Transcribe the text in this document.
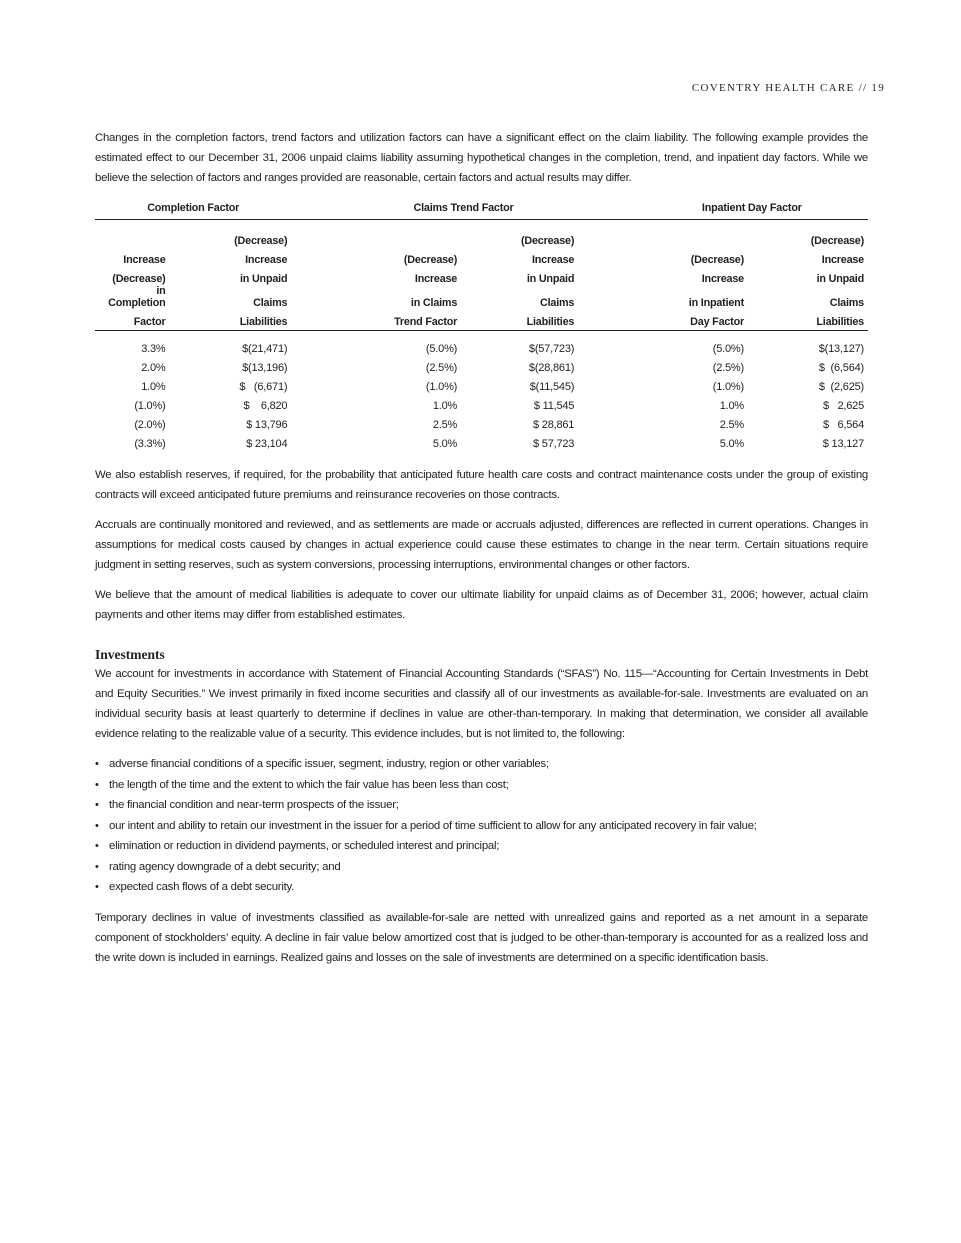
COVENTRY HEALTH CARE // 19

Changes in the completion factors, trend factors and utilization factors can have a significant effect on the claim liability. The following example provides the estimated effect to our December 31, 2006 unpaid claims liability assuming hypothetical changes in the completion, trend, and inpatient day factors. While we believe the selection of factors and ranges provided are reasonable, certain factors and actual results may differ.

Completion Factor			Claims Trend Factor			Inpatient Day Factor	

	(Decrease)			(Decrease)			(Decrease)
Increase	Increase		(Decrease)	Increase		(Decrease)	Increase
(Decrease)	in Unpaid		Increase	in Unpaid		Increase	in Unpaid
in Completion	Claims		in Claims	Claims		in Inpatient	Claims
Factor	Liabilities		Trend Factor	Liabilities		Day Factor	Liabilities

3.3%	$(21,471)		(5.0%)	$(57,723)		(5.0%)	$(13,127)
2.0%	$(13,196)		(2.5%)	$(28,861)		(2.5%)	$  (6,564)
1.0%	$   (6,671)		(1.0%)	$(11,545)		(1.0%)	$  (2,625)
(1.0%)	$    6,820		1.0%	$ 11,545		1.0%	$   2,625
(2.0%)	$ 13,796		2.5%	$ 28,861		2.5%	$   6,564
(3.3%)	$ 23,104		5.0%	$ 57,723		5.0%	$ 13,127

We also establish reserves, if required, for the probability that anticipated future health care costs and contract maintenance costs under the group of existing contracts will exceed anticipated future premiums and reinsurance recoveries on those contracts.

Accruals are continually monitored and reviewed, and as settlements are made or accruals adjusted, differences are reflected in current operations. Changes in assumptions for medical costs caused by changes in actual experience could cause these estimates to change in the near term. Certain situations require judgment in setting reserves, such as system conversions, processing interruptions, environmental changes or other factors.

We believe that the amount of medical liabilities is adequate to cover our ultimate liability for unpaid claims as of December 31, 2006; however, actual claim payments and other items may differ from established estimates.

Investments

We account for investments in accordance with Statement of Financial Accounting Standards (“SFAS”) No. 115—“Accounting for Certain Investments in Debt and Equity Securities.” We invest primarily in fixed income securities and classify all of our investments as available-for-sale. Investments are evaluated on an individual security basis at least quarterly to determine if declines in value are other-than-temporary. In making that determination, we consider all available evidence relating to the realizable value of a security. This evidence includes, but is not limited to, the following:

• adverse financial conditions of a specific issuer, segment, industry, region or other variables;
• the length of the time and the extent to which the fair value has been less than cost;
• the financial condition and near-term prospects of the issuer;
• our intent and ability to retain our investment in the issuer for a period of time sufficient to allow for any anticipated recovery in fair value;
• elimination or reduction in dividend payments, or scheduled interest and principal;
• rating agency downgrade of a debt security; and
• expected cash flows of a debt security.

Temporary declines in value of investments classified as available-for-sale are netted with unrealized gains and reported as a net amount in a separate component of stockholders’ equity. A decline in fair value below amortized cost that is judged to be other-than-temporary is accounted for as a realized loss and the write down is included in earnings. Realized gains and losses on the sale of investments are determined on a specific identification basis.
